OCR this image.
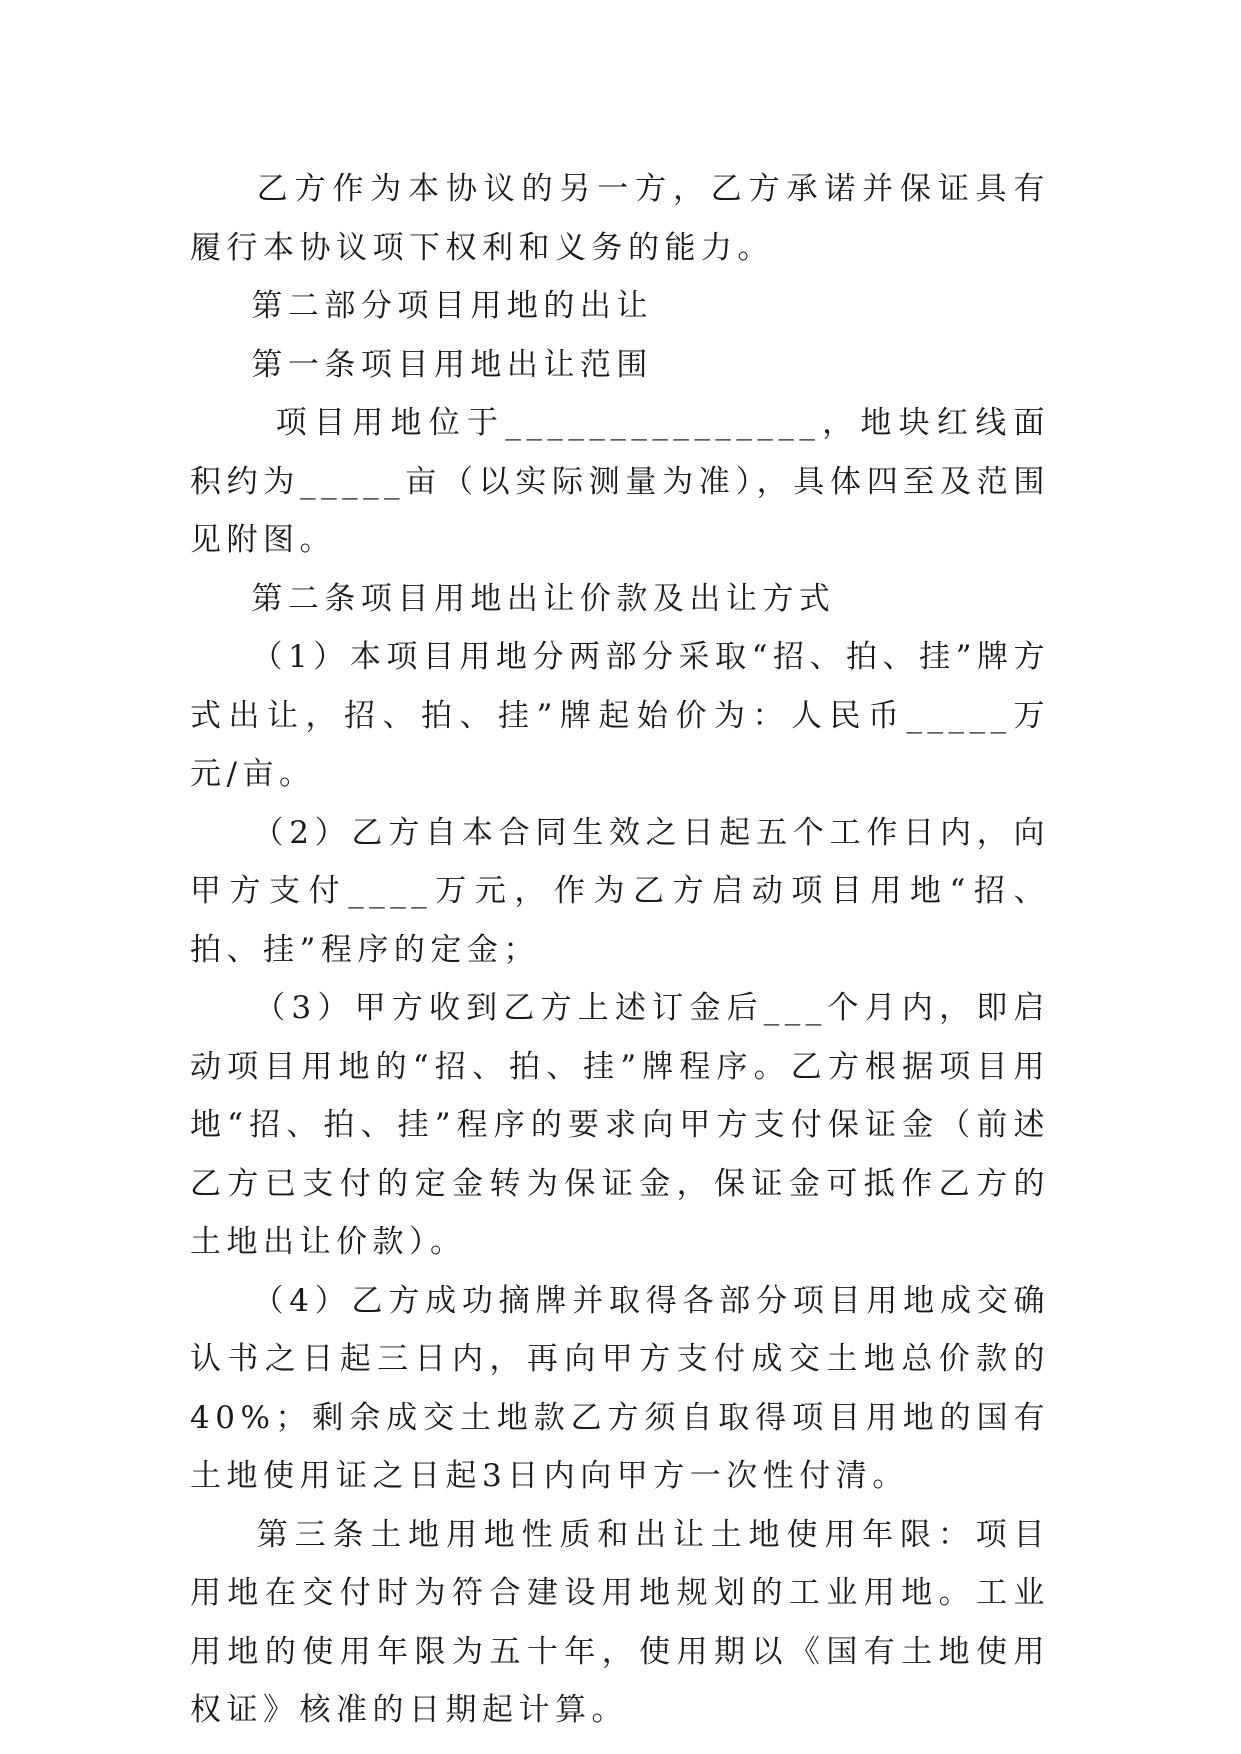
乙方作为本协议的另一方，乙方承诺并保证具有履行本协议项下权利和义务的能力。

第二部分项目用地的出让

第一条项目用地出让范围

项目用地位于_______________，地块红线面积约为_____亩（以实际测量为准），具体四至及范围见附图。

第二条项目用地出让价款及出让方式

（1）本项目用地分两部分采取“招、拍、挂”牌方式出让，招、拍、挂”牌起始价为：人民币_____万元/亩。

（2）乙方自本合同生效之日起五个工作日内，向甲方支付____万元，作为乙方启动项目用地“招、拍、挂”程序的定金；

（3）甲方收到乙方上述订金后___个月内，即启动项目用地的“招、拍、挂”牌程序。乙方根据项目用地“招、拍、挂”程序的要求向甲方支付保证金（前述乙方已支付的定金转为保证金，保证金可抵作乙方的土地出让价款）。

（4）乙方成功摘牌并取得各部分项目用地成交确认书之日起三日内，再向甲方支付成交土地总价款的40%；剩余成交土地款乙方须自取得项目用地的国有土地使用证之日起3日内向甲方一次性付清。

第三条土地用地性质和出让土地使用年限：项目用地在交付时为符合建设用地规划的工业用地。工业用地的使用年限为五十年，使用期以《国有土地使用权证》核准的日期起计算。
